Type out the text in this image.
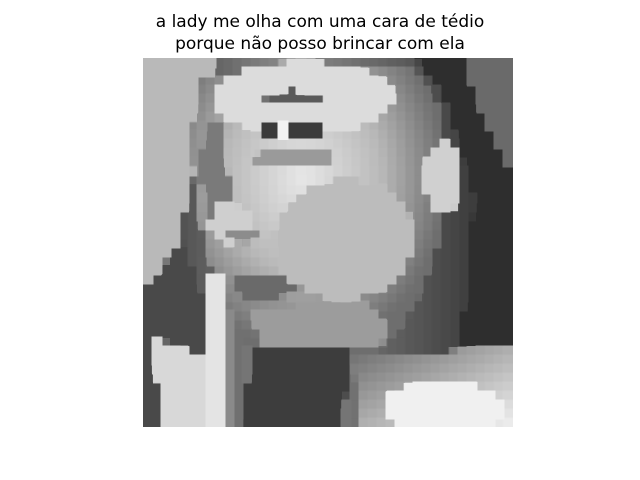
a lady me olha com uma cara de tédio
porque não posso brincar com ela
